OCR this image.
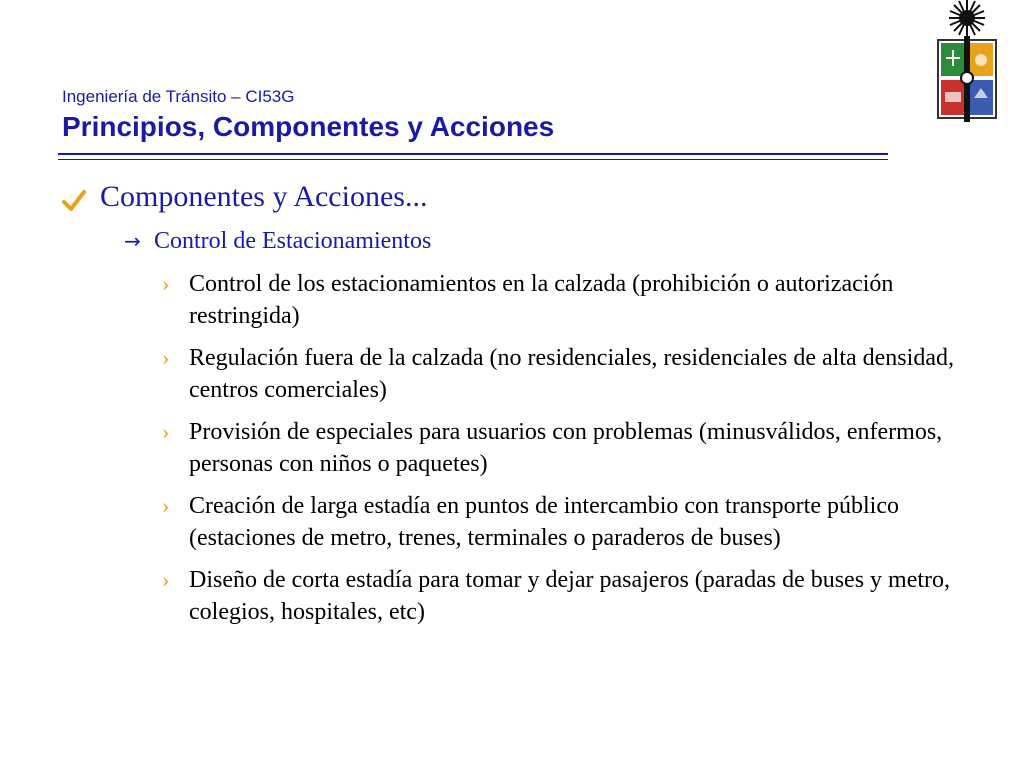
Ingeniería de Tránsito – CI53G
Principios, Componentes y Acciones
Componentes y Acciones...
→ Control de Estacionamientos
› Control de los estacionamientos en la calzada (prohibición o autorización restringida)
› Regulación fuera de la calzada (no residenciales, residenciales de alta densidad, centros comerciales)
› Provisión de especiales para usuarios con problemas (minusválidos, enfermos, personas con niños o paquetes)
› Creación de larga estadía en puntos de intercambio con transporte público (estaciones de metro, trenes, terminales o paraderos de buses)
› Diseño de corta estadía para tomar y dejar pasajeros (paradas de buses y metro, colegios, hospitales, etc)
